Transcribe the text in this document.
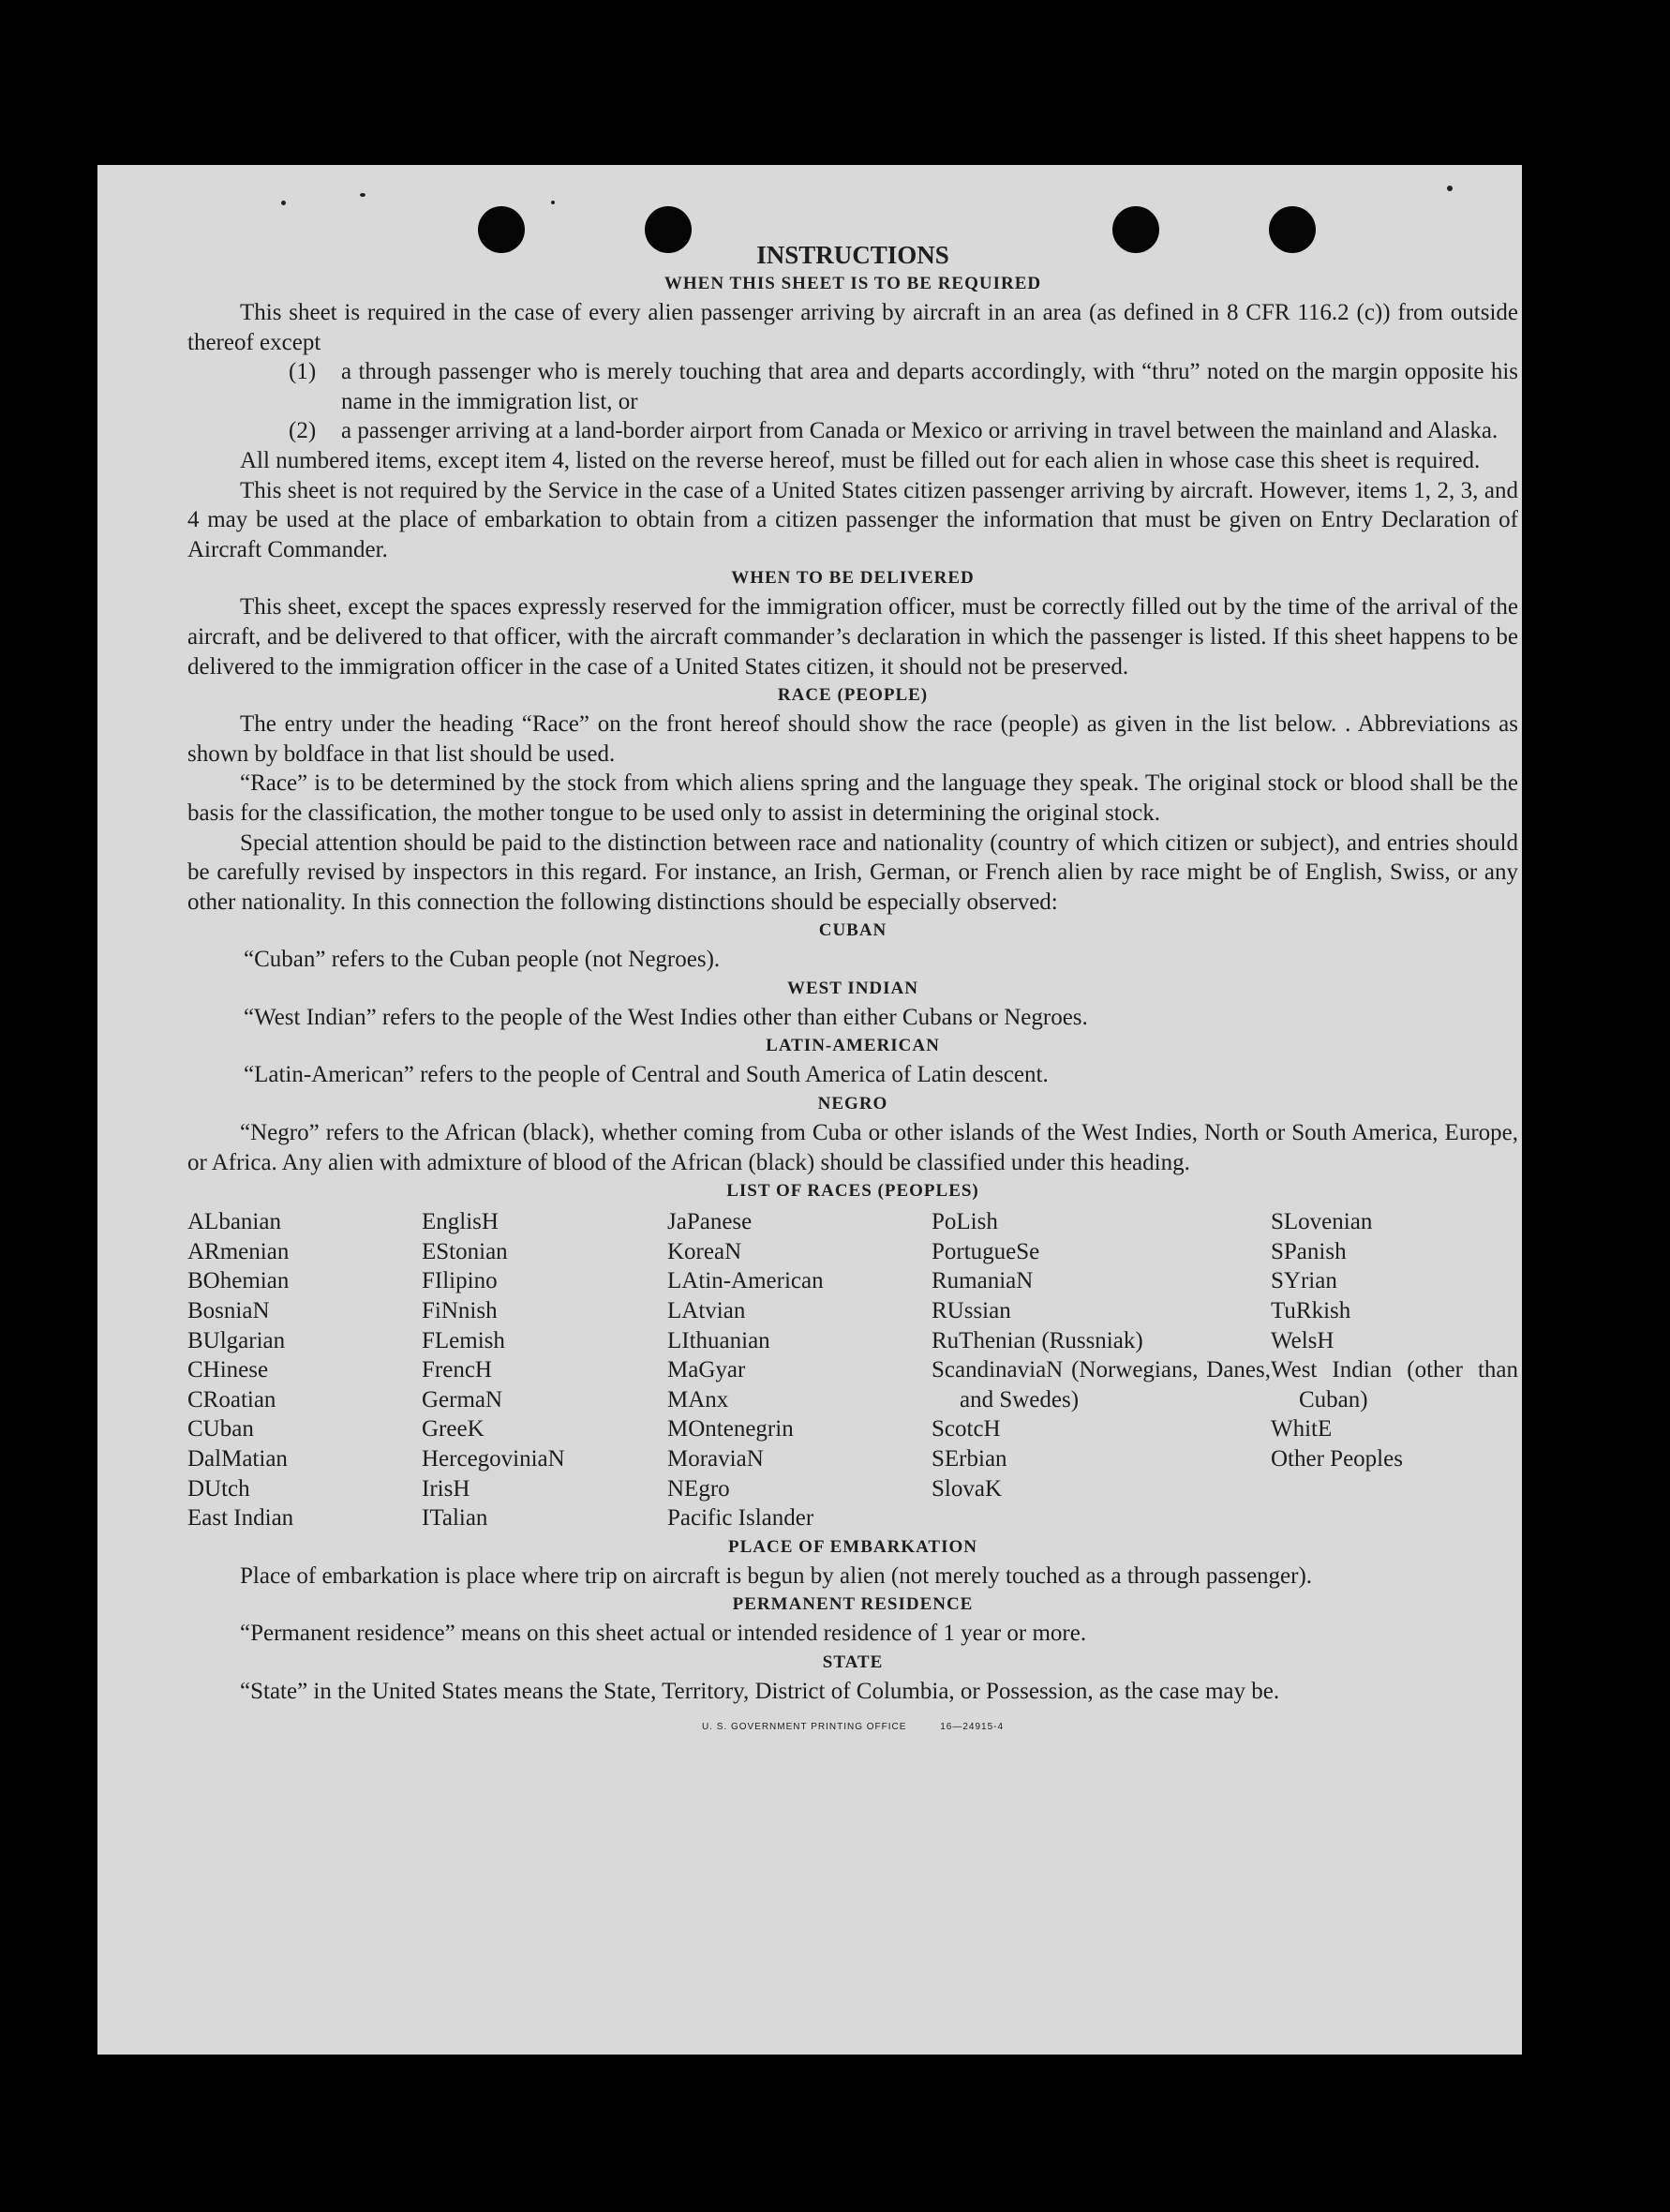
INSTRUCTIONS
WHEN THIS SHEET IS TO BE REQUIRED

This sheet is required in the case of every alien passenger arriving by aircraft in an area (as defined in 8 CFR 116.2 (c)) from outside thereof except

(1)	a through passenger who is merely touching that area and departs accordingly, with “thru” noted on the margin opposite his name in the immigration list, or

(2)	a passenger arriving at a land-border airport from Canada or Mexico or arriving in travel between the mainland and Alaska.

All numbered items, except item 4, listed on the reverse hereof, must be filled out for each alien in whose case this sheet is required.

This sheet is not required by the Service in the case of a United States citizen passenger arriving by aircraft. However, items 1, 2, 3, and 4 may be used at the place of embarkation to obtain from a citizen passenger the information that must be given on Entry Declaration of Aircraft Commander.

WHEN TO BE DELIVERED

This sheet, except the spaces expressly reserved for the immigration officer, must be correctly filled out by the time of the arrival of the aircraft, and be delivered to that officer, with the aircraft commander’s declaration in which the passenger is listed. If this sheet happens to be delivered to the immigration officer in the case of a United States citizen, it should not be preserved.

RACE (PEOPLE)

The entry under the heading “Race” on the front hereof should show the race (people) as given in the list below. . Abbreviations as shown by boldface in that list should be used.

“Race” is to be determined by the stock from which aliens spring and the language they speak. The original stock or blood shall be the basis for the classification, the mother tongue to be used only to assist in determining the original stock.

Special attention should be paid to the distinction between race and nationality (country of which citizen or subject), and entries should be carefully revised by inspectors in this regard. For instance, an Irish, German, or French alien by race might be of English, Swiss, or any other nationality. In this connection the following distinctions should be especially observed:

CUBAN

“Cuban” refers to the Cuban people (not Negroes).

WEST INDIAN

“West Indian” refers to the people of the West Indies other than either Cubans or Negroes.

LATIN-AMERICAN

“Latin-American” refers to the people of Central and South America of Latin descent.

NEGRO

“Negro” refers to the African (black), whether coming from Cuba or other islands of the West Indies, North or South America, Europe, or Africa. Any alien with admixture of blood of the African (black) should be classified under this heading.

LIST OF RACES (PEOPLES)
ALbanian
ARmenian
BOhemian
BosniaN
BUlgarian
CHinese
CRoatian
CUban
DalMatian
DUtch
East Indian
EnglisH
EStonian
FIlipino
FiNnish
FLemish
FrencH
GermaN
GreeK
HercegoviniaN
IrisH
ITalian
JaPanese
KoreaN
LAtin-American
LAtvian
LIthuanian
MaGyar
MAnx
MOntenegrin
MoraviaN
NEgro
Pacific Islander
PoLish
PortugueSe
RumaniaN
RUssian
RuThenian (Russniak)
ScandinaviaN (Norwegians, Danes, and Swedes)
ScotcH
SErbian
SlovaK
SLovenian
SPanish
SYrian
TuRkish
WelsH
West Indian (other than Cuban)
WhitE
Other Peoples
PLACE OF EMBARKATION

Place of embarkation is place where trip on aircraft is begun by alien (not merely touched as a through passenger).

PERMANENT RESIDENCE

“Permanent residence” means on this sheet actual or intended residence of 1 year or more.

STATE

“State” in the United States means the State, Territory, District of Columbia, or Possession, as the case may be.

U. S. GOVERNMENT PRINTING OFFICE	16—24915-4
